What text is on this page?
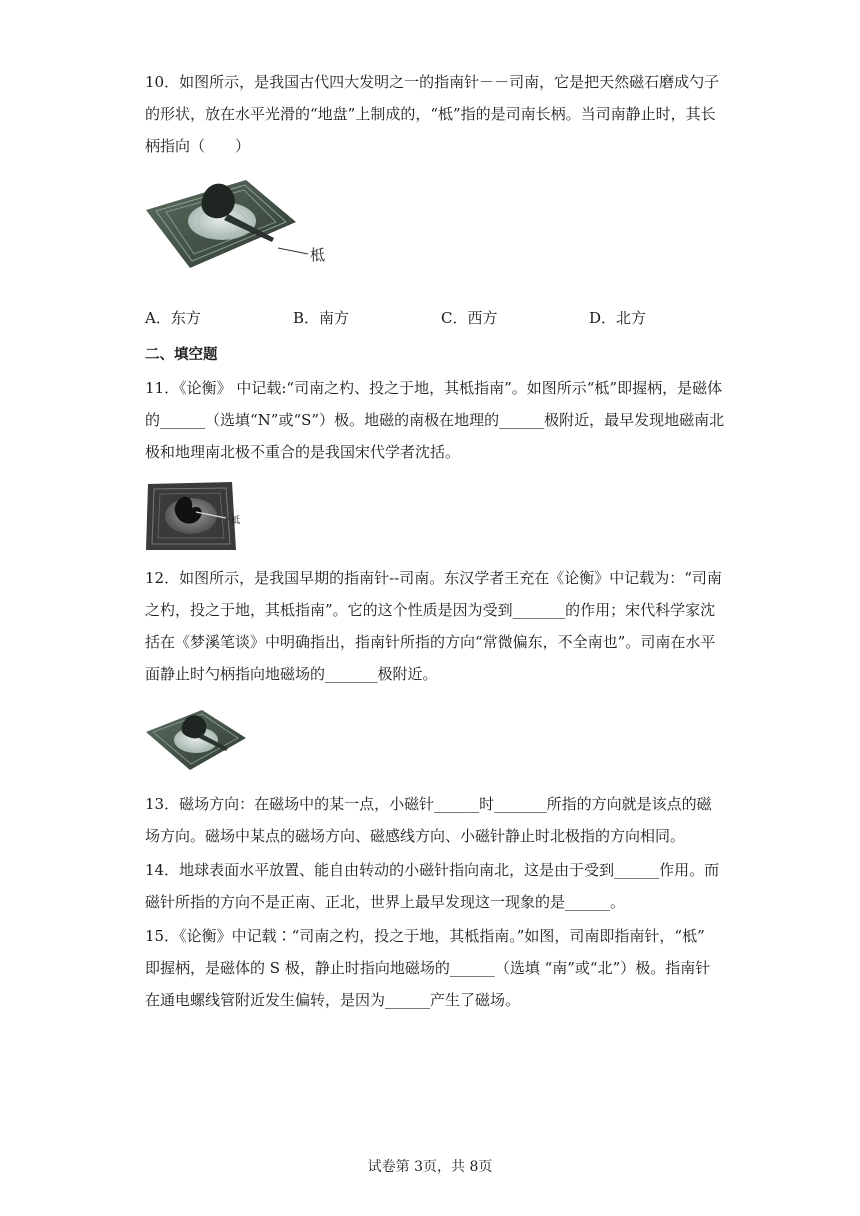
10．如图所示，是我国古代四大发明之一的指南针－－司南，它是把天然磁石磨成勺子
的形状，放在水平光滑的“地盘”上制成的，“柢”指的是司南长柄。当司南静止时，其长
柄指向（　　）
柢
A．东方	B．南方	C．西方	D．北方
二、填空题
11．《论衡》 中记载:“司南之杓、投之于地，其柢指南”。如图所示“柢”即握柄，是磁体
的______（选填“N”或“S”）极。地磁的南极在地理的______极附近，最早发现地磁南北
极和地理南北极不重合的是我国宋代学者沈括。
柢
12．如图所示，是我国早期的指南针--司南。东汉学者王充在《论衡》中记载为：“司南
之杓，投之于地，其柢指南”。它的这个性质是因为受到_______的作用；宋代科学家沈
括在《梦溪笔谈》中明确指出，指南针所指的方向“常微偏东，不全南也”。司南在水平
面静止时勺柄指向地磁场的_______极附近。
13．磁场方向：在磁场中的某一点，小磁针______时_______所指的方向就是该点的磁
场方向。磁场中某点的磁场方向、磁感线方向、小磁针静止时北极指的方向相同。
14．地球表面水平放置、能自由转动的小磁针指向南北，这是由于受到______作用。而
磁针所指的方向不是正南、正北，世界上最早发现这一现象的是______。
15．《论衡》中记载∶“司南之杓，投之于地，其柢指南。”如图，司南即指南针，“柢”
即握柄，是磁体的 S 极，静止时指向地磁场的______（选填 “南”或“北”）极。指南针
在通电螺线管附近发生偏转，是因为______产生了磁场。
试卷第 3页，共 8页
